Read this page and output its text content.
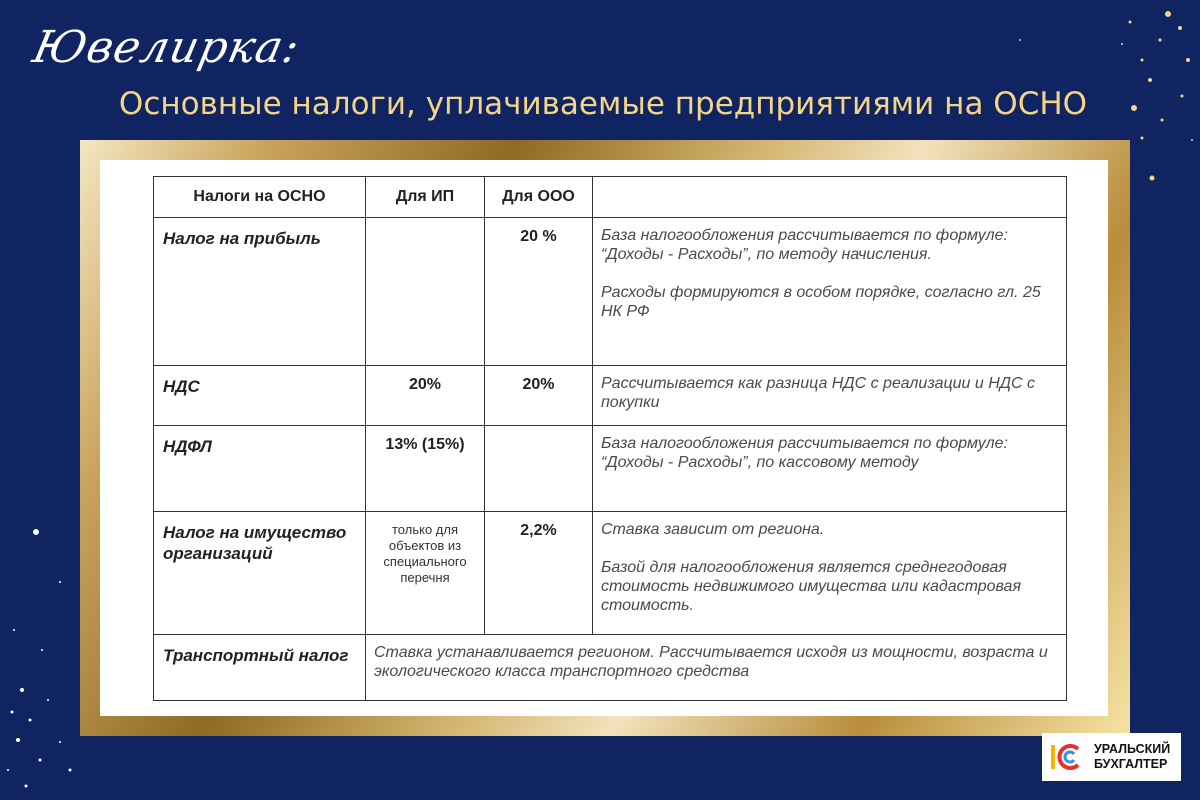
Ювелирка:
Основные налоги, уплачиваемые предприятиями на ОСНО
Налоги на ОСНО	Для ИП	Для ООО	
Налог на прибыль		20 %	База налогообложения рассчитывается по формуле:
“Доходы - Расходы”, по методу начисления.

Расходы формируются в особом порядке, согласно гл. 25 НК РФ

НДС	20%	20%	Рассчитывается как разница НДС с реализации и НДС с покупки

НДФЛ	13% (15%)		База налогообложения рассчитывается по формуле:
“Доходы - Расходы”, по кассовому методу

Налог на имущество организаций	только для объектов из специального перечня	2,2%	Ставка зависит от региона.

Базой для налогообложения является среднегодовая стоимость недвижимого имущества или кадастровая стоимость.

Транспортный налог	Ставка устанавливается регионом. Рассчитывается исходя из мощности, возраста и экологического класса транспортного средства		

УРАЛЬСКИЙ
БУХГАЛТЕР
